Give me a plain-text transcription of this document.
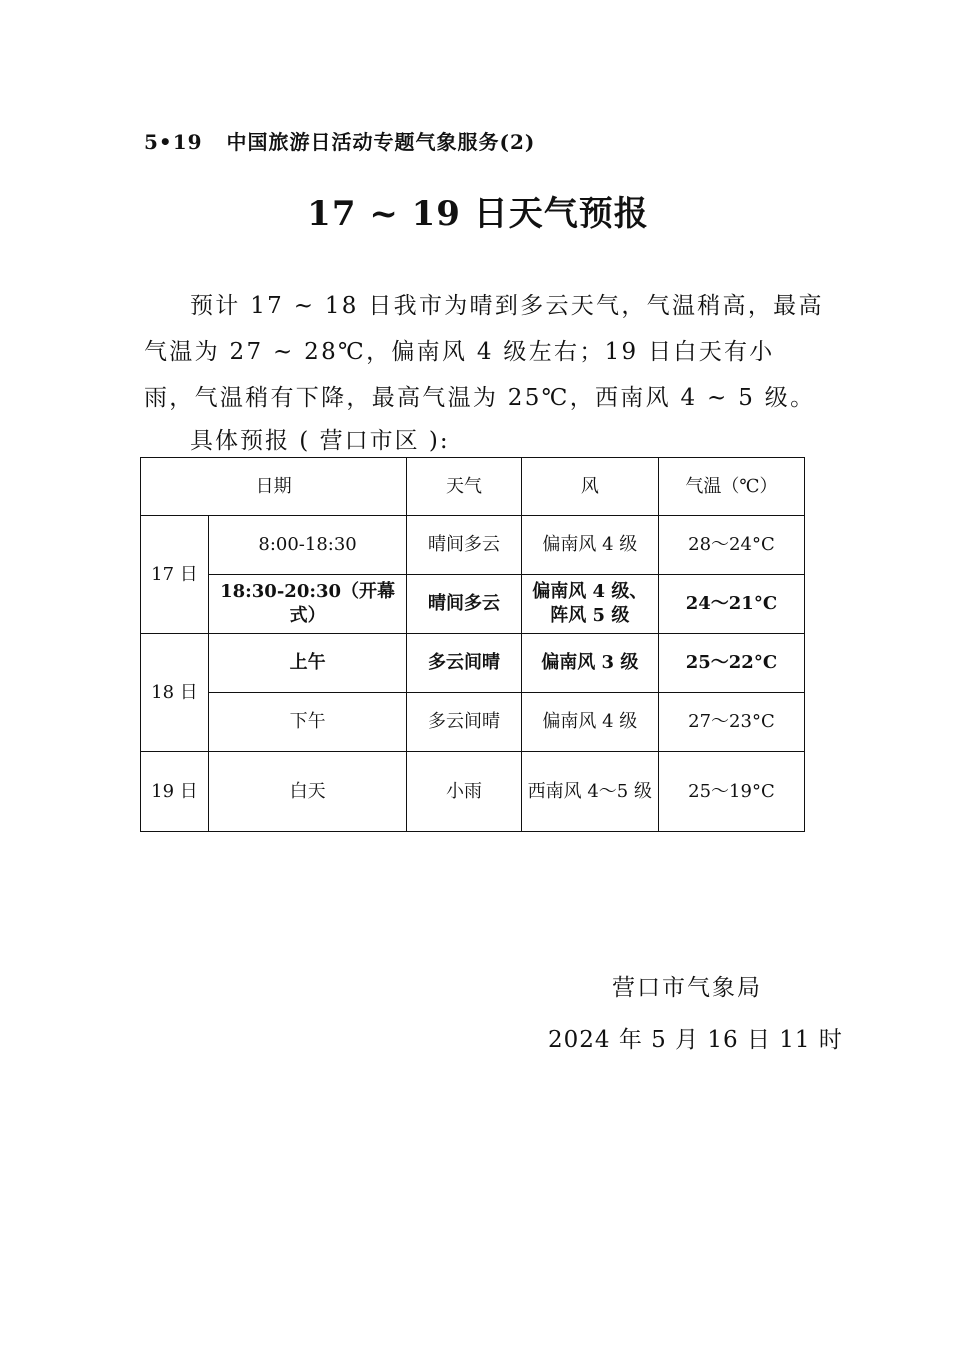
5•19 中国旅游日活动专题气象服务(2)
17 ~ 19 日天气预报
预计 17 ~ 18 日我市为晴到多云天气，气温稍高，最高气温为 27 ~ 28℃，偏南风 4 级左右；19 日白天有小雨，气温稍有下降，最高气温为 25℃，西南风 4 ~ 5 级。
具体预报 ( 营口市区 ):
日期		天气	风	气温（℃）
17 日	8:00-18:30	晴间多云	偏南风 4 级	28～24°C
	18:30-20:30（开幕式）	晴间多云	偏南风 4 级、阵风 5 级	24～21°C
18 日	上午	多云间晴	偏南风 3 级	25～22°C
	下午	多云间晴	偏南风 4 级	27～23°C
19 日	白天	小雨	西南风 4～5 级	25～19°C
营口市气象局
2024 年 5 月 16 日 11 时
